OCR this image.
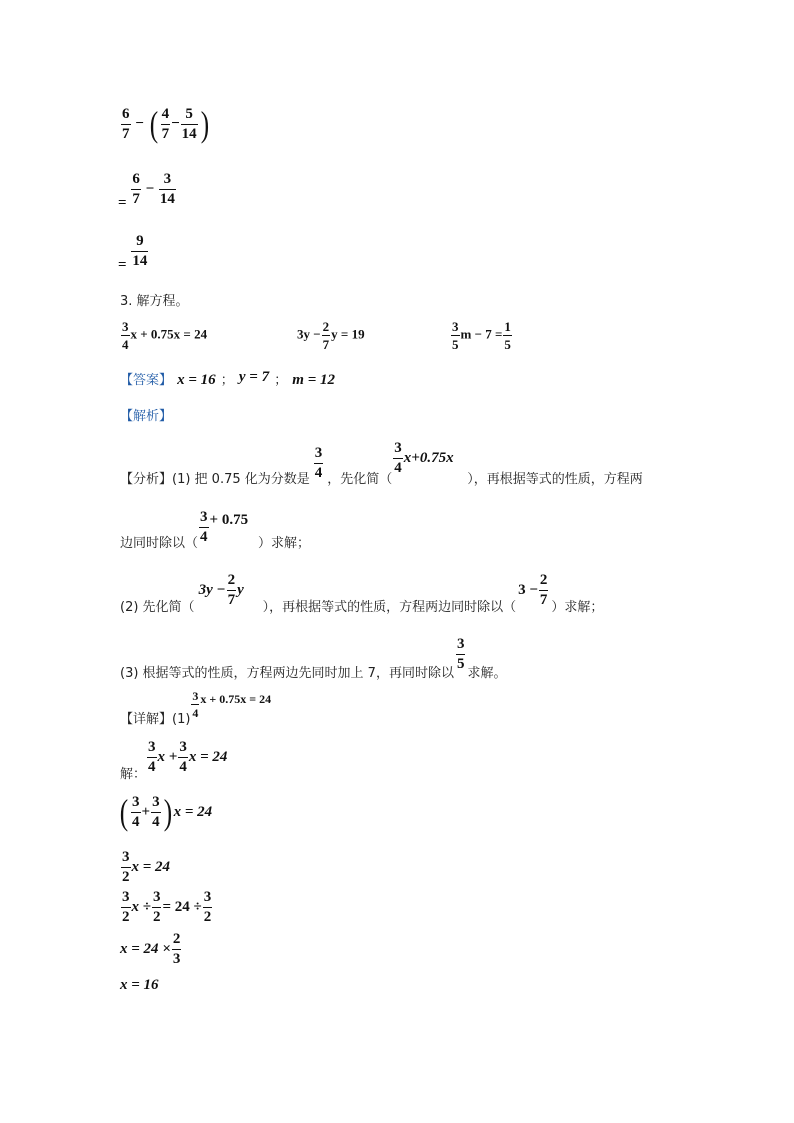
$\frac{6}{7}$ − ( $\frac{4}{7} - \frac{5}{14}$ )
= $\frac{6}{7} - \frac{3}{14}$
= $\frac{9}{14}$
3. 解方程。
$\frac{3}{4}$ x + 0.75x = 24	$3y - \frac{2}{7}$ y = 19	$\frac{3}{5}$ $m - 7 = \frac{1}{5}$
【答案】 x = 16 ； y = 7 ； m = 12
【解析】
【分析】(1) 把 0.75 化为分数是 $\frac{3}{4}$ ，先化简（
$\frac{3}{4} x+0.75x$
），再根据等式的性质，方程两
边同时除以（ $\frac{3}{4} + 0.75$
）求解；
(2) 先化简（
$3y - \frac{2}{7}$ y
），再根据等式的性质，方程两边同时除以（
$3 - \frac{2}{7}$ ）求解；
(3) 根据等式的性质，方程两边先同时加上 7，再同时除以
$\frac{3}{5}$
求解。
【详解】(1)
$\frac{3}{4}$ x + 0.75x = 24
解： $\frac{3}{4}$ $x + \frac{3}{4}$ x = 24
( $\frac{3}{4} + \frac{3}{4}$ ) x = 24
$\frac{3}{2}$ x = 24
$\frac{3}{2}$ $x \div \frac{3}{2} = 24 \div \frac{3}{2}$
$x = 24 \times \frac{2}{3}$
x = 16
